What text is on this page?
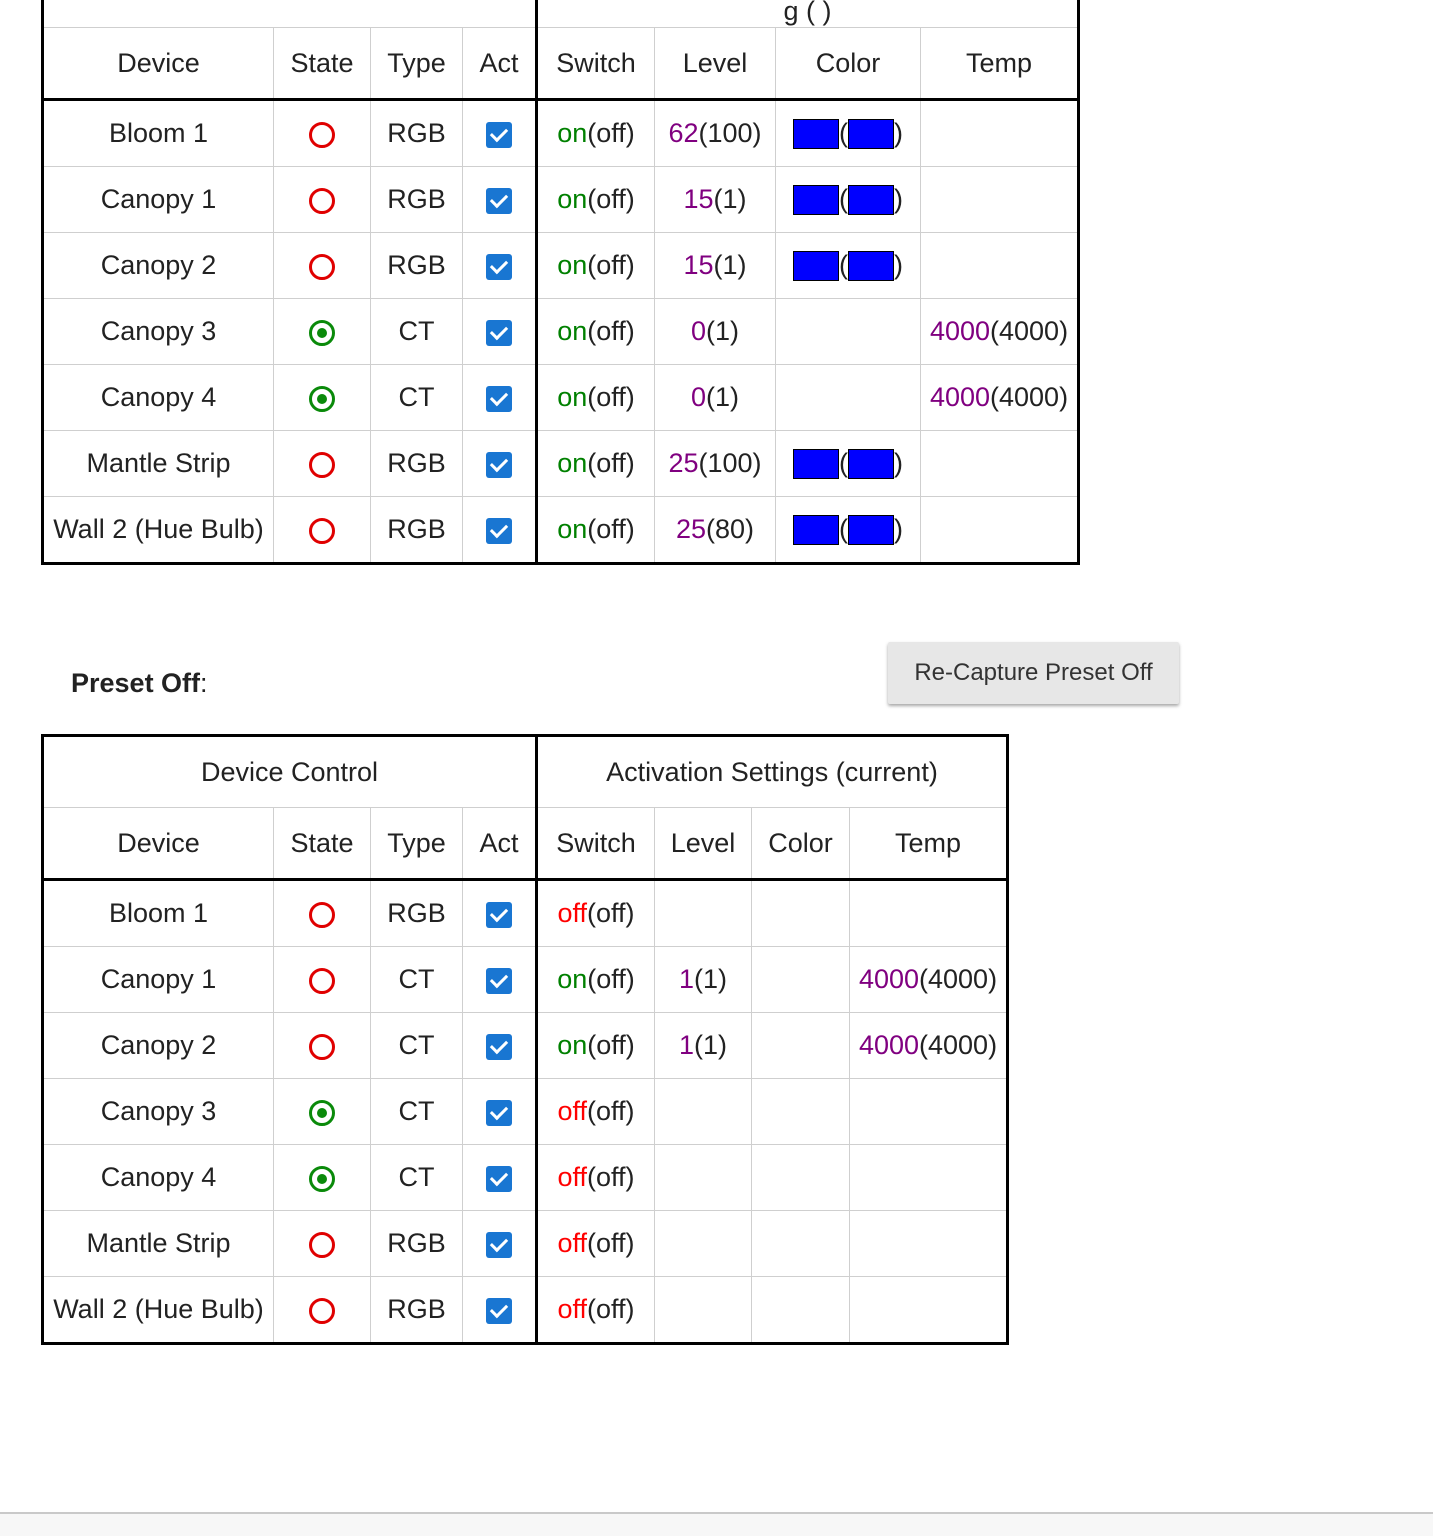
				g ( )			
Device	State	Type	Act	Switch	Level	Color	Temp
Bloom 1		RGB		on(off)	62(100)	( )	
Canopy 1		RGB		on(off)	15(1)	( )	
Canopy 2		RGB		on(off)	15(1)	( )	
Canopy 3		CT		on(off)	0(1)		4000(4000)
Canopy 4		CT		on(off)	0(1)		4000(4000)
Mantle Strip		RGB		on(off)	25(100)	( )	
Wall 2 (Hue Bulb)		RGB		on(off)	25(80)	( )	
Preset Off:	Re-Capture Preset Off
Device Control				Activation Settings (current)			
Device	State	Type	Act	Switch	Level	Color	Temp
Bloom 1		RGB		off(off)			
Canopy 1		CT		on(off)	1(1)		4000(4000)
Canopy 2		CT		on(off)	1(1)		4000(4000)
Canopy 3		CT		off(off)			
Canopy 4		CT		off(off)			
Mantle Strip		RGB		off(off)			
Wall 2 (Hue Bulb)		RGB		off(off)			
